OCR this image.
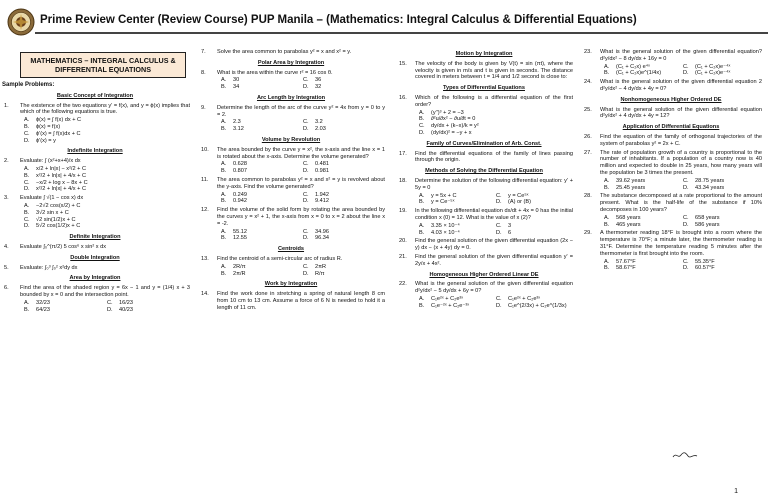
Prime Review Center (Review Course) PUP Manila – (Mathematics: Integral Calculus & Differential Equations)
MATHEMATICS – INTEGRAL CALCULUS & DIFFERENTIAL EQUATIONS
Sample Problems:
Basic Concept of Integration
1.	The existence of the two equations y' = f(x), and y = ϕ(x) implies that which of the following equations is true.
A.	ϕ(x) = ∫ f(x) dx + C
B.	ϕ(x) = f(x)
C.	ϕ'(x) = ∫ f(x)dx + C
D.	ϕ'(x) = y
Indefinite Integration
2.	Evaluate: ∫ (x²+x+4)/x dx
A.	x/2 + ln|x| − x²/2 + C
B.	x²/2 + ln|x| + 4/x + C
C.	−x/2 + log x − 8x + C
D.	x²/2 + ln|x| + 4/x + C
3.	Evaluate ∫ √(1 − cos x) dx
A.	−2√2 cos(x/2) + C
B.	3√2 sin x + C
C.	√2 sin(1/2)x + C
D.	5√2 cos(1/2)x + C
Definite Integration
4.	Evaluate ∫₀^(π/2) 5 cos⁶ x sin² x dx
Double Integration
5.	Evaluate: ∫₀³ ∫₀² x²dy dx
Area by Integration
6.	Find the area of the shaded region y = 6x − 1 and y = (1/4) x + 3 bounded by x = 0 and the intersection point.
A.	32/23	C.	16/23
B.	64/23	D.	40/23
7.	Solve the area common to parabolas y² = x and x² = y.
Polar Area by Integration
8.	What is the area within the curve r² = 16 cos θ.
A.	30	C.	36
B.	34	D.	32
Arc Length by Integration
9.	Determine the length of the arc of the curve y² = 4x from y = 0 to y = 2.
A.	2.3	C.	3.2
B.	3.12	D.	2.03
Volume by Revolution
10.	The area bounded by the curve y = x², the x-axis and the line x = 1 is rotated about the x-axis. Determine the volume generated?
A.	0.628	C.	0.481
B.	0.807	D.	0.981
11.	The area common to parabolas y² = x and x² = y is revolved about the y-axis. Find the volume generated?
A.	0.249	C.	1.942
B.	0.942	D.	9.412
12.	Find the volume of the solid form by rotating the area bounded by the curves y = x² + 1, the x-axis from x = 0 to x = 2 about the line x = -2.
A.	55.12	C.	34.96
B.	12.55	D.	96.34
Centroids
13.	Find the centroid of a semi-circular arc of radius R.
A.	2R/π	C.	2πR
B.	2π/R	D.	R/π
Work by Integration
14.	Find the work done in stretching a spring of natural length 8 cm from 10 cm to 13 cm. Assume a force of 6 N is needed to hold it a length of 11 cm.
Motion by Integration
15.	The velocity of the body is given by V(t) = sin (πt), where the velocity is given in m/s and t is given in seconds. The distance covered in meters between t = 1/4 and 1/2 second is close to:
Types of Differential Equations
16.	Which of the following is a differential equation of the first order?
A.	(y'')³ + 2 = −3
B.	∂²u/∂x² − ∂u/∂t = 0
C.	dy/dx + (k−x)/k = y²
D.	(dy/dx)² = −y + x
Family of Curves/Elimination of Arb. Const.
17.	Find the differential equations of the family of lines passing through the origin.
Methods of Solving the Differential Equation
18.	Determine the solution of the following differential equation: y' + 5y = 0
A.	y = 5x + C	C.	y = Ce⁵ˣ
B.	y = Ce⁻⁵ˣ	D.	(A) or (B)
19.	In the following differential equation dx/dt + 4x = 0 has the initial condition x (0) = 12. What is the value of x (2)?
A.	3.35 × 10⁻⁴	C.	3
B.	4.03 × 10⁻⁴	D.	6
20.	Find the general solution of the given differential equation (2x − y) dx − (x + 4y) dy = 0.
21.	Find the general solution of the given differential equation y' = 2y/x + 4x².
Homogeneous Higher Ordered Linear DE
22.	What is the general solution of the given differential equation d²y/dx² − 5 dy/dx + 6y = 0?
A.	C₁e²ˣ + C₂e³ˣ	C.	C₁e²ˣ + C₂e³ˣ
B.	C₁e⁻²ˣ + C₂e⁻³ˣ	D.	C₁e^(2/3x) + C₂e^(1/3x)
23.	What is the general solution of the given differential equation? d²y/dx² − 8 dy/dx + 16y = 0
A.	(C₁ + C₂x) e⁴ˣ	C.	(C₁ + C₂x)e⁻⁴ˣ
B.	(C₁ + C₂x)e^(1/4x)	D.	(C₁ + C₂x)e⁻⁴ˣ
24.	What is the general solution of the given differential equation 2 d²y/dx² − 4 dy/dx + 4y = 0?
Nonhomogeneous Higher Ordered DE
25.	What is the general solution of the given differential equation d²y/dx² + 4 dy/dx + 4y = 12?
Application of Differential Equations
26.	Find the equation of the family of orthogonal trajectories of the system of parabolas y² = 2x + C.
27.	The rate of population growth of a country is proportional to the number of inhabitants. If a population of a country now is 40 million and expected to double in 25 years, how many years will the population be 3 times the present.
A.	39.62 years	C.	28.75 years
B.	25.45 years	D.	43.34 years
28.	The substance decomposed at a rate proportional to the amount present. What is the half-life of the substance if 10% decomposes in 100 years?
A.	568 years	C.	658 years
B.	465 years	D.	586 years
29.	A thermometer reading 18°F is brought into a room where the temperature is 70°F; a minute later, the thermometer reading is 31°F. Determine the temperature reading 5 minutes after the thermometer is first brought into the room.
A.	57.67°F	C.	55.35°F
B.	58.67°F	D.	60.57°F
1
